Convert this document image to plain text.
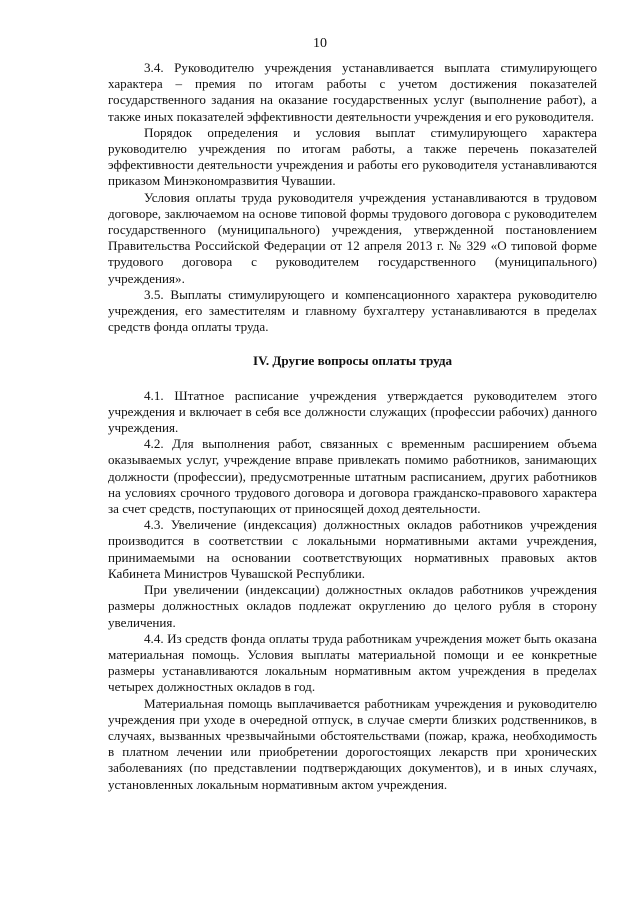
10

3.4. Руководителю учреждения устанавливается выплата стимулирующего характера – премия по итогам работы с учетом достижения показателей государственного задания на оказание государственных услуг (выполнение работ), а также иных показателей эффективности деятельности учреждения и его руководителя.

Порядок определения и условия выплат стимулирующего характера руководителю учреждения по итогам работы, а также перечень показателей эффективности деятельности учреждения и работы его руководителя устанавливаются приказом Минэкономразвития Чувашии.

Условия оплаты труда руководителя учреждения устанавливаются в трудовом договоре, заключаемом на основе типовой формы трудового договора с руководителем государственного (муниципального) учреждения, утвержденной постановлением Правительства Российской Федерации от 12 апреля 2013 г. № 329 «О типовой форме трудового договора с руководителем государственного (муниципального) учреждения».

3.5. Выплаты стимулирующего и компенсационного характера руководителю учреждения, его заместителям и главному бухгалтеру устанавливаются в пределах средств фонда оплаты труда.

IV. Другие вопросы оплаты труда

4.1. Штатное расписание учреждения утверждается руководителем этого учреждения и включает в себя все должности служащих (профессии рабочих) данного учреждения.

4.2. Для выполнения работ, связанных с временным расширением объема оказываемых услуг, учреждение вправе привлекать помимо работников, занимающих должности (профессии), предусмотренные штатным расписанием, других работников на условиях срочного трудового договора и договора гражданско-правового характера за счет средств, поступающих от приносящей доход деятельности.

4.3. Увеличение (индексация) должностных окладов работников учреждения производится в соответствии с локальными нормативными актами учреждения, принимаемыми на основании соответствующих нормативных правовых актов Кабинета Министров Чувашской Республики.

При увеличении (индексации) должностных окладов работников учреждения размеры должностных окладов подлежат округлению до целого рубля в сторону увеличения.

4.4. Из средств фонда оплаты труда работникам учреждения может быть оказана материальная помощь. Условия выплаты материальной помощи и ее конкретные размеры устанавливаются локальным нормативным актом учреждения в пределах четырех должностных окладов в год.

Материальная помощь выплачивается работникам учреждения и руководителю учреждения при уходе в очередной отпуск, в случае смерти близких родственников, в случаях, вызванных чрезвычайными обстоятельствами (пожар, кража, необходимость в платном лечении или приобретении дорогостоящих лекарств при хронических заболеваниях (по представлении подтверждающих документов), и в иных случаях, установленных локальным нормативным актом учреждения.
